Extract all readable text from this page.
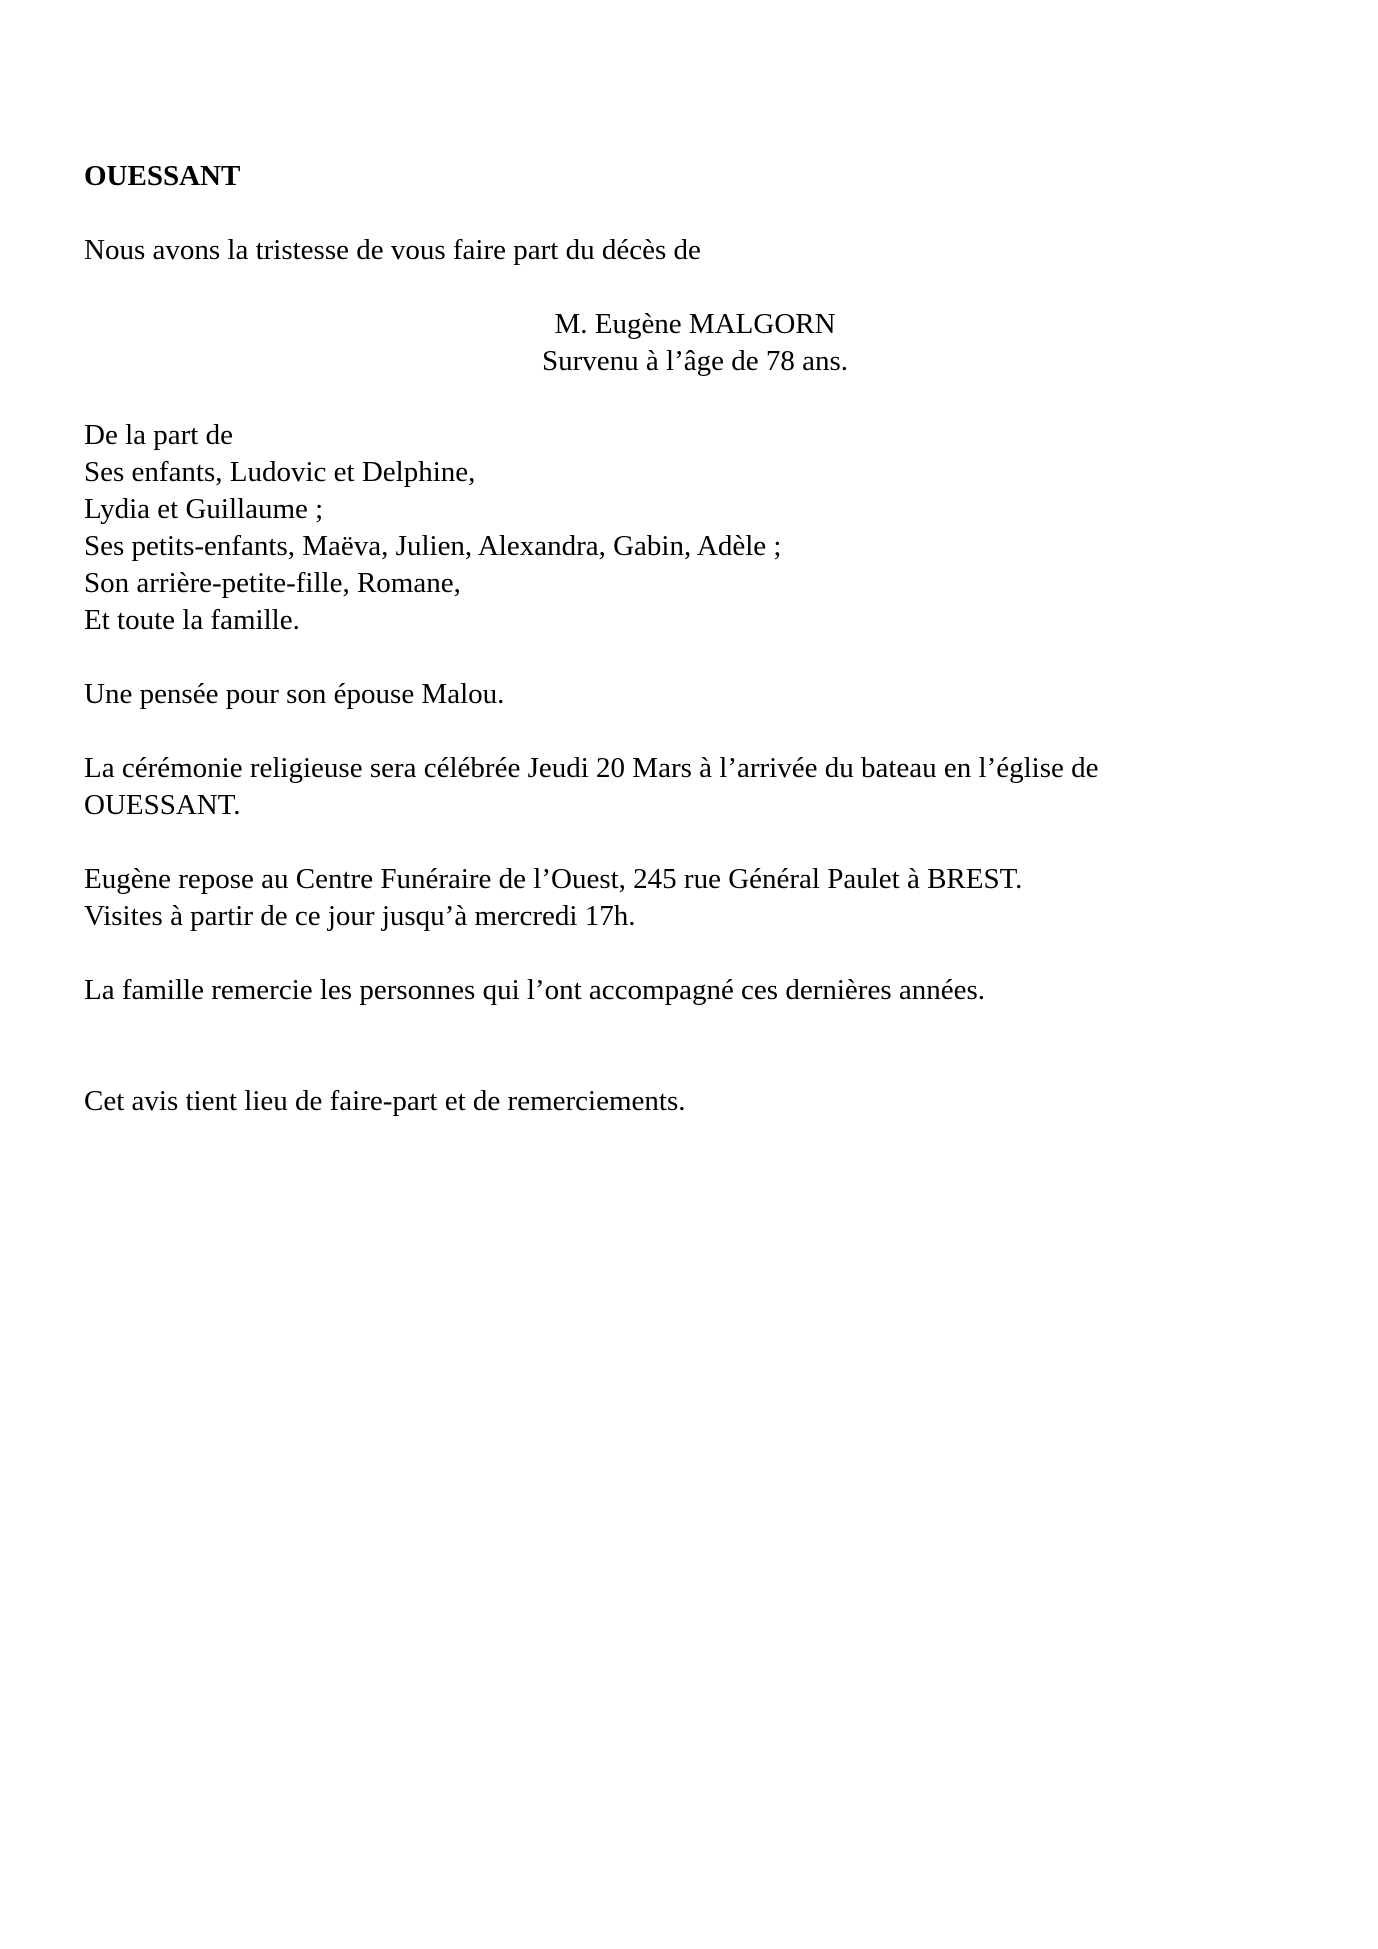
OUESSANT
Nous avons la tristesse de vous faire part du décès de
M. Eugène MALGORN
Survenu à l’âge de 78 ans.
De la part de
Ses enfants, Ludovic et Delphine,
Lydia et Guillaume ;
Ses petits-enfants, Maëva, Julien, Alexandra, Gabin, Adèle ;
Son arrière-petite-fille, Romane,
Et toute la famille.
Une pensée pour son épouse Malou.
La cérémonie religieuse sera célébrée Jeudi 20 Mars à l’arrivée du bateau en l’église de
OUESSANT.
Eugène repose au Centre Funéraire de l’Ouest, 245 rue Général Paulet à BREST.
Visites à partir de ce jour jusqu’à mercredi 17h.
La famille remercie les personnes qui l’ont accompagné ces dernières années.
Cet avis tient lieu de faire-part et de remerciements.
